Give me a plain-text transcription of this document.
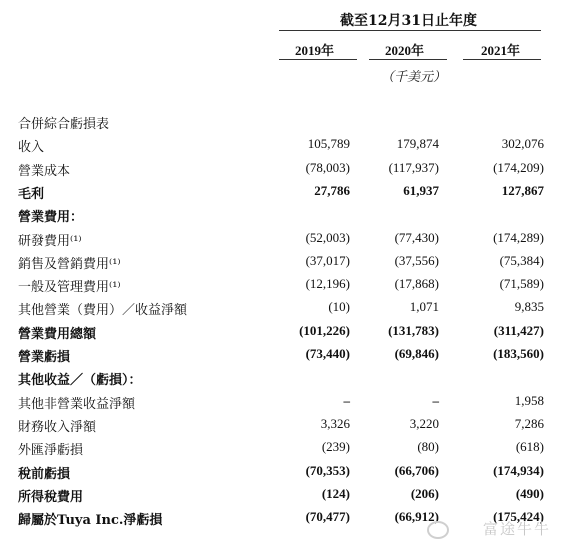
截至12月31日止年度
2019年	2020年	2021年
（千美元）
合併綜合虧損表
收入	105,789	179,874	302,076
營業成本	(78,003)	(117,937)	(174,209)
毛利	27,786	61,937	127,867
營業費用：
研發費用⁽¹⁾	(52,003)	(77,430)	(174,289)
銷售及營銷費用⁽¹⁾	(37,017)	(37,556)	(75,384)
一般及管理費用⁽¹⁾	(12,196)	(17,868)	(71,589)
其他營業（費用）／收益淨額	(10)	1,071	9,835
營業費用總額	(101,226)	(131,783)	(311,427)
營業虧損	(73,440)	(69,846)	(183,560)
其他收益／（虧損）：
其他非營業收益淨額	–	–	1,958
財務收入淨額	3,326	3,220	7,286
外匯淨虧損	(239)	(80)	(618)
稅前虧損	(70,353)	(66,706)	(174,934)
所得稅費用	(124)	(206)	(490)
歸屬於Tuya Inc.淨虧損	(70,477)	(66,912)	(175,424)
富途牛牛
